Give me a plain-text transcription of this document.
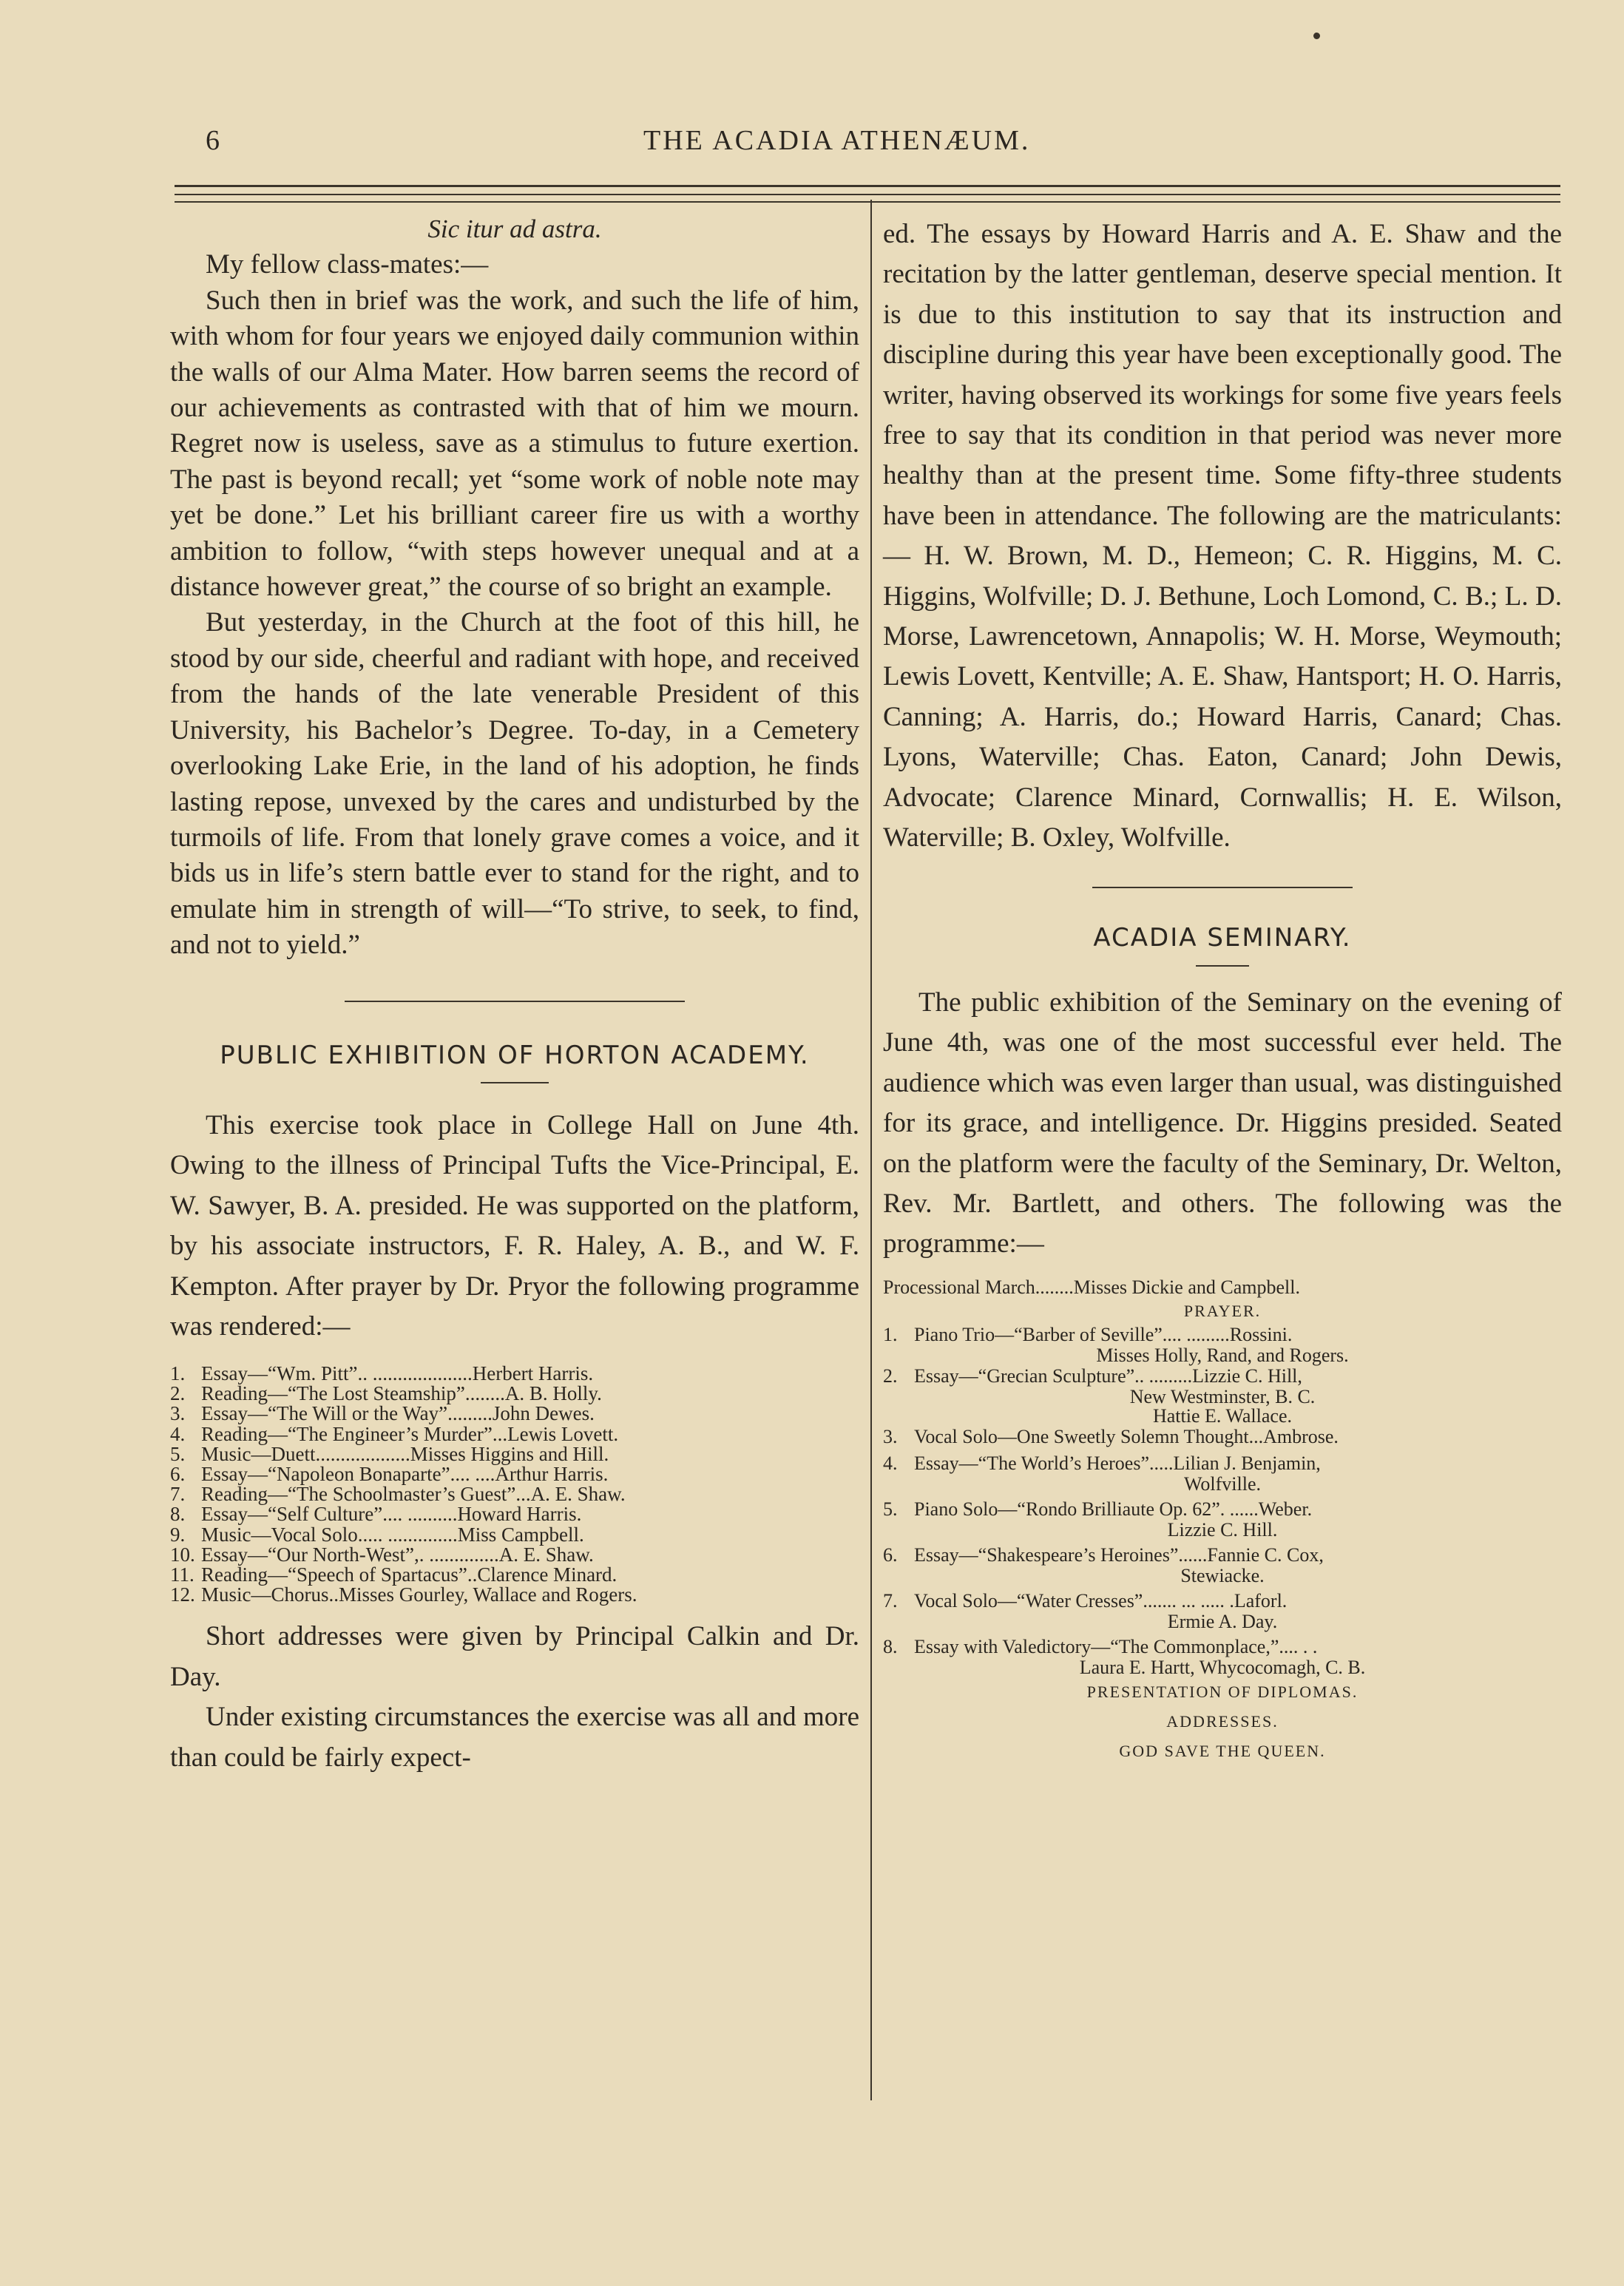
6	THE ACADIA ATHENÆUM.

Sic itur ad astra.

My fellow class-mates:—

Such then in brief was the work, and such the life of him, with whom for four years we enjoyed daily communion within the walls of our Alma Mater. How barren seems the record of our achievements as contrasted with that of him we mourn. Regret now is useless, save as a stimulus to future exertion. The past is beyond recall; yet “some work of noble note may yet be done.” Let his brilliant career fire us with a worthy ambition to follow, “with steps however unequal and at a distance however great,” the course of so bright an example.

But yesterday, in the Church at the foot of this hill, he stood by our side, cheerful and radiant with hope, and received from the hands of the late venerable President of this University, his Bachelor’s Degree. To-day, in a Cemetery overlooking Lake Erie, in the land of his adoption, he finds lasting repose, unvexed by the cares and undisturbed by the turmoils of life. From that lonely grave comes a voice, and it bids us in life’s stern battle ever to stand for the right, and to emulate him in strength of will—“To strive, to seek, to find, and not to yield.”

PUBLIC EXHIBITION OF HORTON ACADEMY.

This exercise took place in College Hall on June 4th. Owing to the illness of Principal Tufts the Vice-Principal, E. W. Sawyer, B. A. presided. He was supported on the platform, by his associate instructors, F. R. Haley, A. B., and W. F. Kempton. After prayer by Dr. Pryor the following programme was rendered:—

1. Essay—“Wm. Pitt”.. ....................Herbert Harris.
2. Reading—“The Lost Steamship”........A. B. Holly.
3. Essay—“The Will or the Way”.........John Dewes.
4. Reading—“The Engineer’s Murder”...Lewis Lovett.
5. Music—Duett...................Misses Higgins and Hill.
6. Essay—“Napoleon Bonaparte”.... ....Arthur Harris.
7. Reading—“The Schoolmaster’s Guest”...A. E. Shaw.
8. Essay—“Self Culture”.... ..........Howard Harris.
9. Music—Vocal Solo..... ..............Miss Campbell.
10. Essay—“Our North-West”,. ..............A. E. Shaw.
11. Reading—“Speech of Spartacus”..Clarence Minard.
12. Music—Chorus..Misses Gourley, Wallace and Rogers.

Short addresses were given by Principal Calkin and Dr. Day.

Under existing circumstances the exercise was all and more than could be fairly expect-

ed. The essays by Howard Harris and A. E. Shaw and the recitation by the latter gentleman, deserve special mention. It is due to this institution to say that its instruction and discipline during this year have been exceptionally good. The writer, having observed its workings for some five years feels free to say that its condition in that period was never more healthy than at the present time. Some fifty-three students have been in attendance. The following are the matriculants:— H. W. Brown, M. D., Hemeon; C. R. Higgins, M. C. Higgins, Wolfville; D. J. Bethune, Loch Lomond, C. B.; L. D. Morse, Lawrencetown, Annapolis; W. H. Morse, Weymouth; Lewis Lovett, Kentville; A. E. Shaw, Hantsport; H. O. Harris, Canning; A. Harris, do.; Howard Harris, Canard; Chas. Lyons, Waterville; Chas. Eaton, Canard; John Dewis, Advocate; Clarence Minard, Cornwallis; H. E. Wilson, Waterville; B. Oxley, Wolfville.

ACADIA SEMINARY.

The public exhibition of the Seminary on the evening of June 4th, was one of the most successful ever held. The audience which was even larger than usual, was distinguished for its grace, and intelligence. Dr. Higgins presided. Seated on the platform were the faculty of the Seminary, Dr. Welton, Rev. Mr. Bartlett, and others. The following was the programme:—

Processional March........Misses Dickie and Campbell.

PRAYER.

1. Piano Trio—“Barber of Seville”.... .........Rossini.

Misses Holly, Rand, and Rogers.

2. Essay—“Grecian Sculpture”.. .........Lizzie C. Hill,

New Westminster, B. C.

Hattie E. Wallace.

3. Vocal Solo—One Sweetly Solemn Thought...Ambrose.
4. Essay—“The World’s Heroes”.....Lilian J. Benjamin,

Wolfville.

5. Piano Solo—“Rondo Brilliaute Op. 62”. ......Weber.

Lizzie C. Hill.

6. Essay—“Shakespeare’s Heroines”......Fannie C. Cox,

Stewiacke.

7. Vocal Solo—“Water Cresses”....... ... ..... .Laforl.

Ermie A. Day.

8. Essay with Valedictory—“The Commonplace,”.... . .

Laura E. Hartt, Whycocomagh, C. B.

PRESENTATION OF DIPLOMAS.

ADDRESSES.

GOD SAVE THE QUEEN.
